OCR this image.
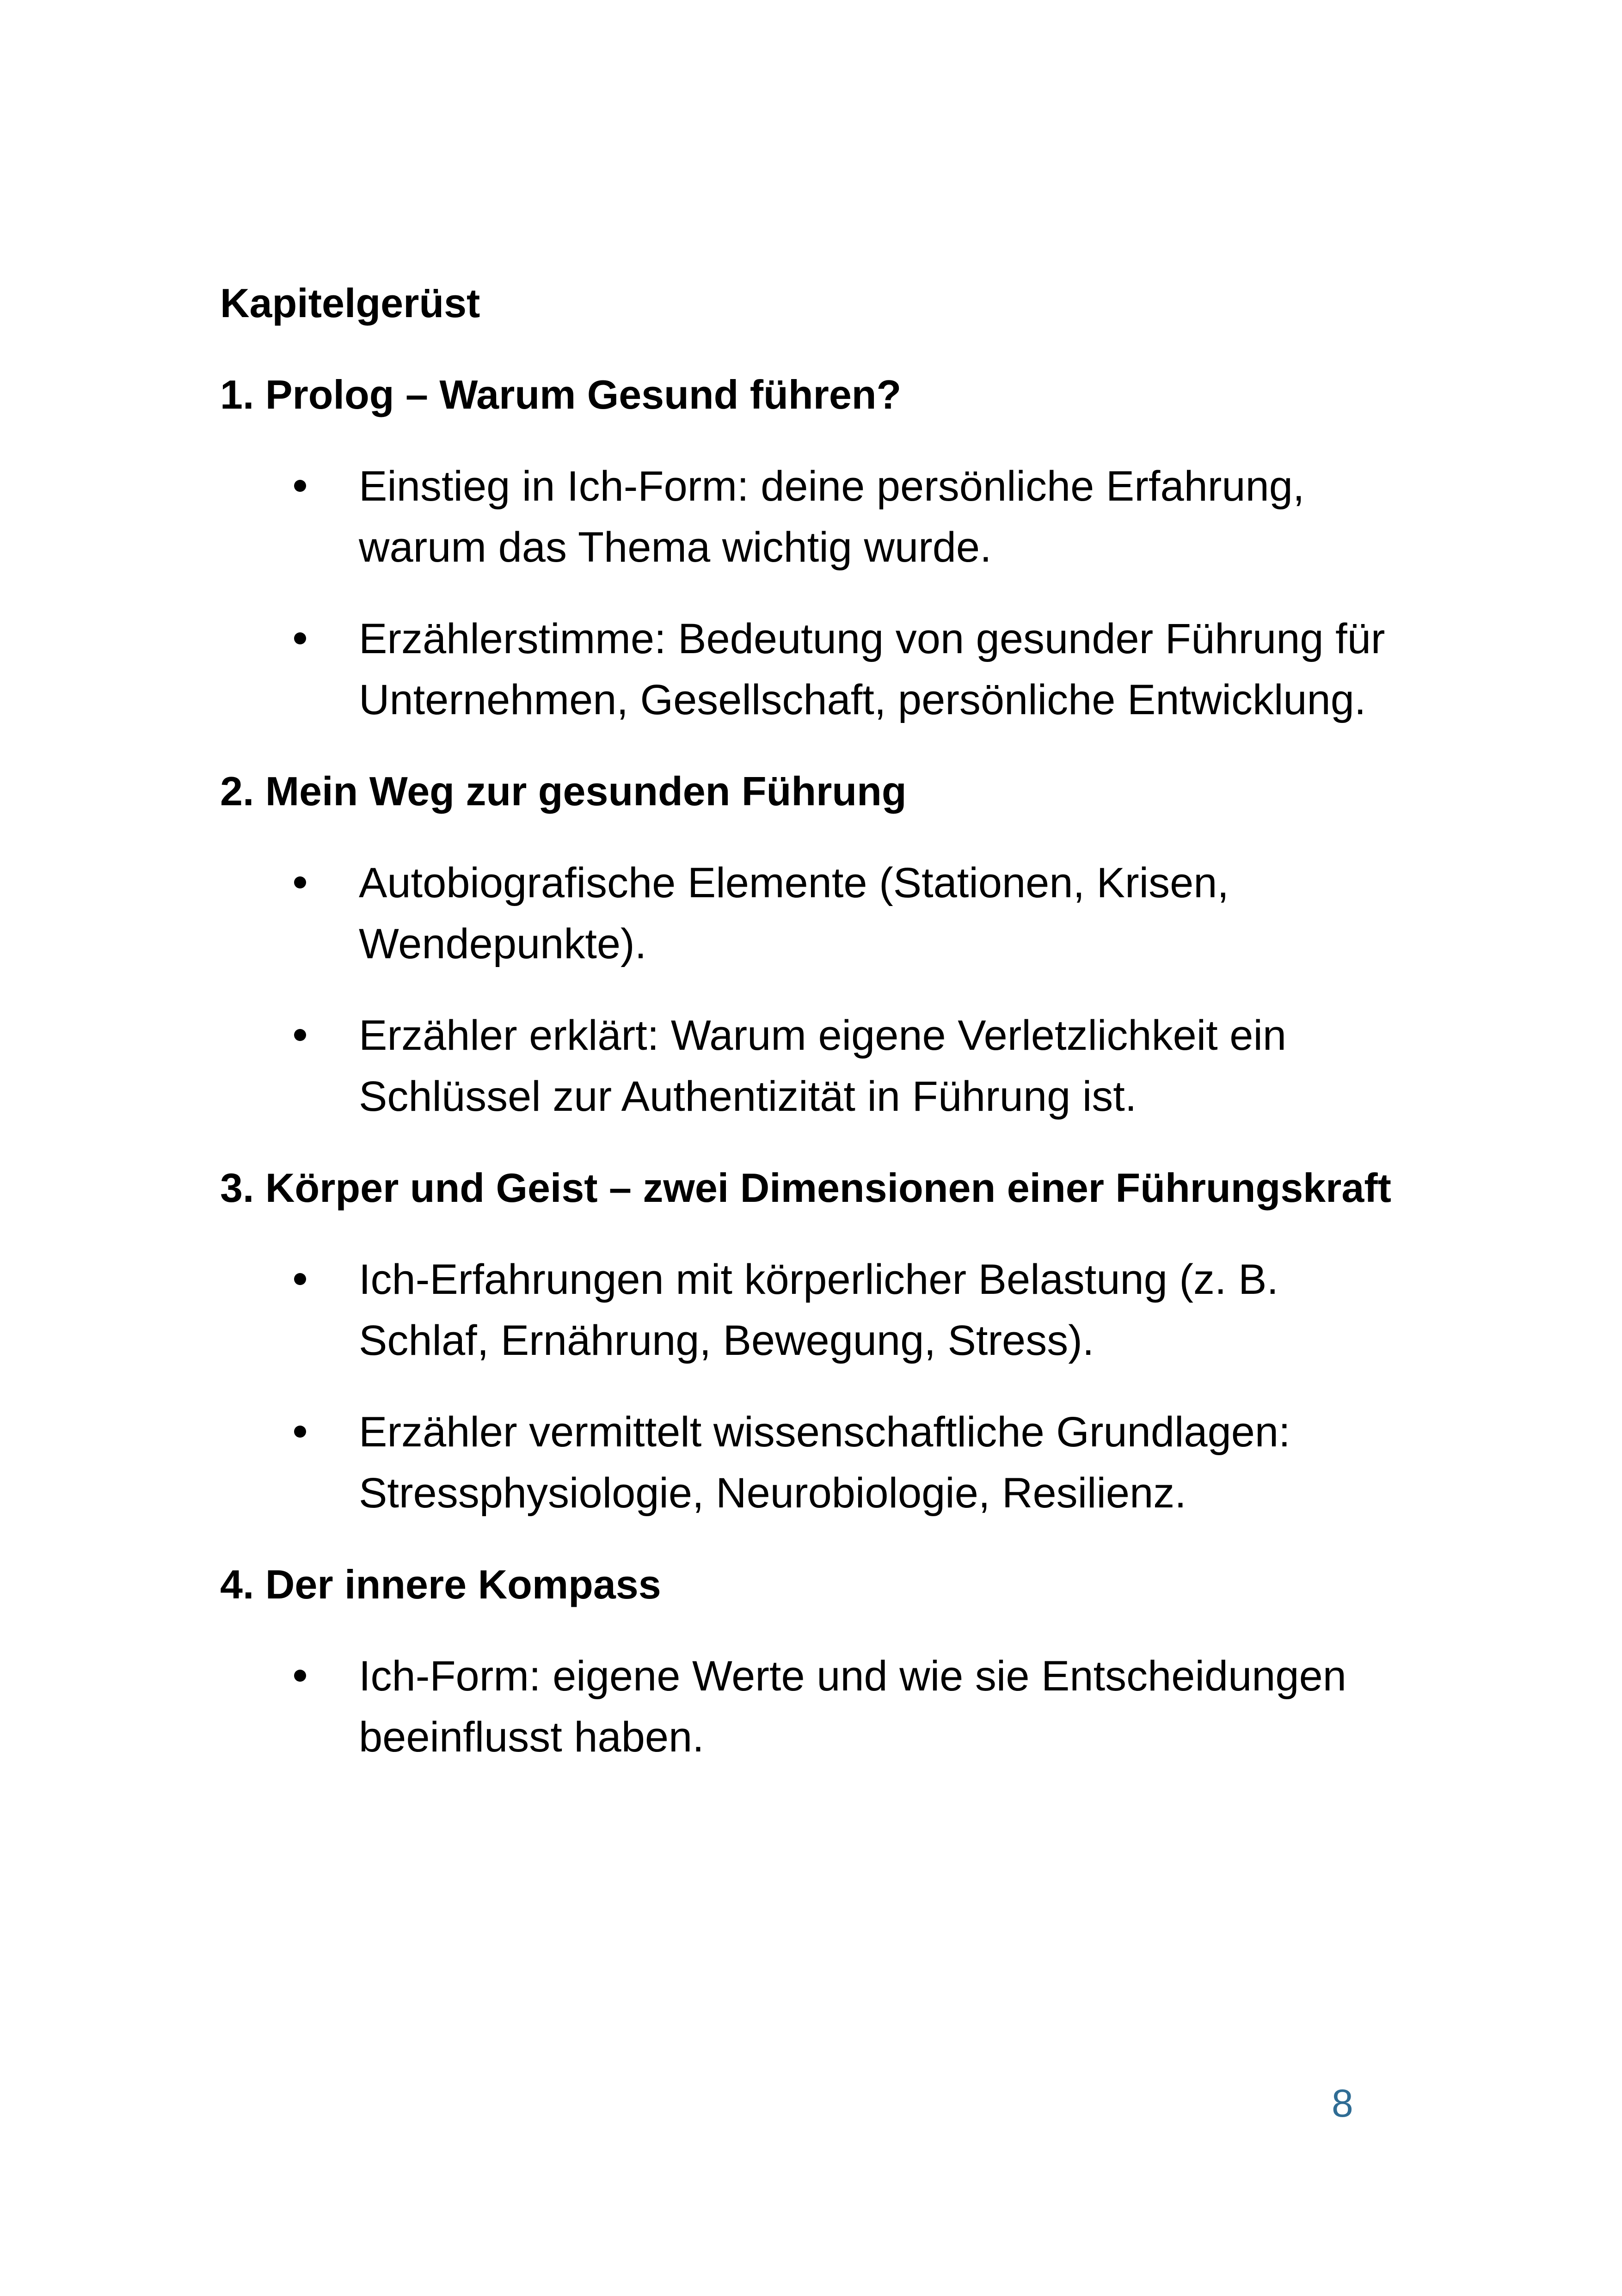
Kapitelgerüst
1. Prolog – Warum Gesund führen?
Einstieg in Ich-Form: deine persönliche Erfahrung, warum das Thema wichtig wurde.
Erzählerstimme: Bedeutung von gesunder Führung für Unternehmen, Gesellschaft, persönliche Entwicklung.
2. Mein Weg zur gesunden Führung
Autobiografische Elemente (Stationen, Krisen, Wendepunkte).
Erzähler erklärt: Warum eigene Verletzlichkeit ein Schlüssel zur Authentizität in Führung ist.
3. Körper und Geist – zwei Dimensionen einer Führungskraft
Ich-Erfahrungen mit körperlicher Belastung (z. B. Schlaf, Ernährung, Bewegung, Stress).
Erzähler vermittelt wissenschaftliche Grundlagen: Stressphysiologie, Neurobiologie, Resilienz.
4. Der innere Kompass
Ich-Form: eigene Werte und wie sie Entscheidungen beeinflusst haben.
8
